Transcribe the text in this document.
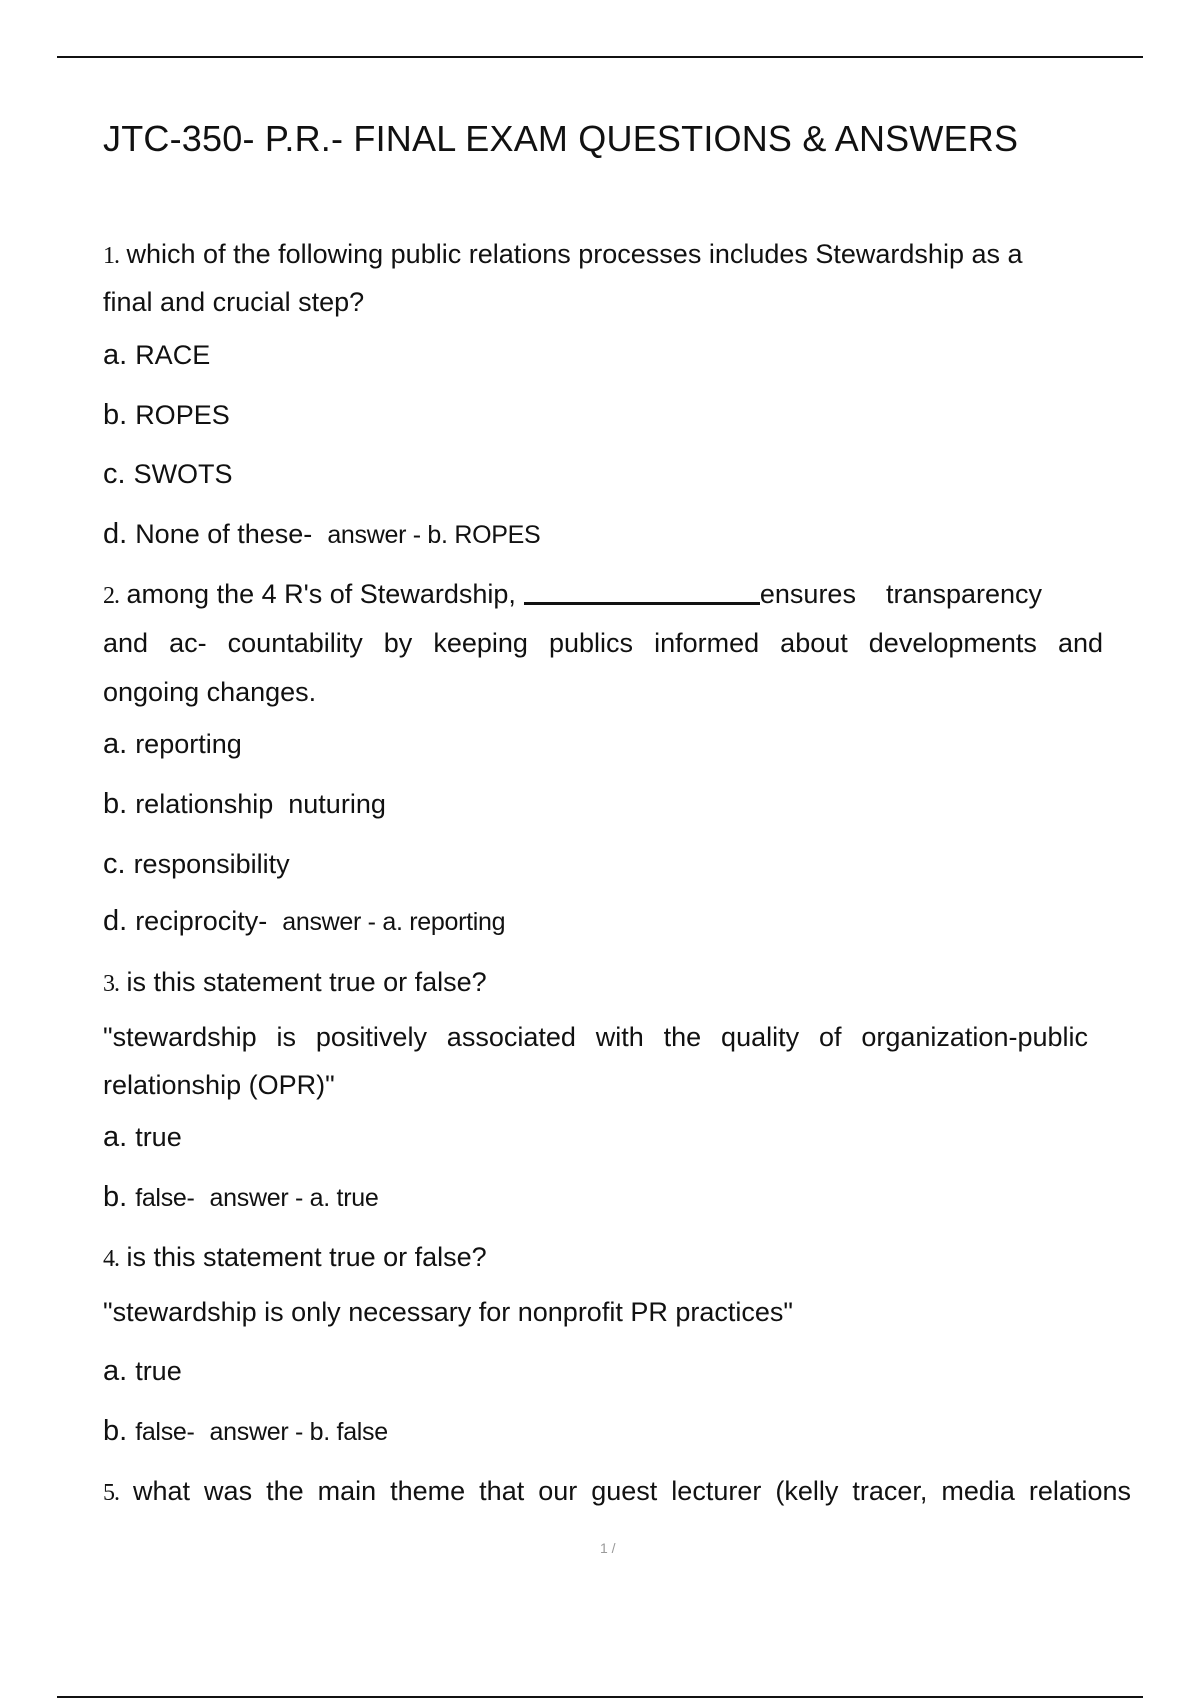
JTC-350- P.R.- FINAL EXAM QUESTIONS & ANSWERS
1. which of the following public relations processes includes Stewardship as a
final and crucial step?
a. RACE
b. ROPES
c. SWOTS
d. None of these- answer - b. ROPES
2. among the 4 R's of Stewardship,	ensures transparency
and ac- countability by keeping publics informed about developments and
ongoing changes.
a. reporting
b. relationship  nuturing
c. responsibility
d. reciprocity- answer - a. reporting
3. is this statement true or false?
"stewardship is positively associated with the quality of organization-public
relationship (OPR)"
a. true
b. false- answer - a. true
4. is this statement true or false?
"stewardship is only necessary for nonprofit PR practices"
a. true
b. false- answer - b. false
5. what was the main theme that our guest lecturer (kelly tracer, media relations
1 /
